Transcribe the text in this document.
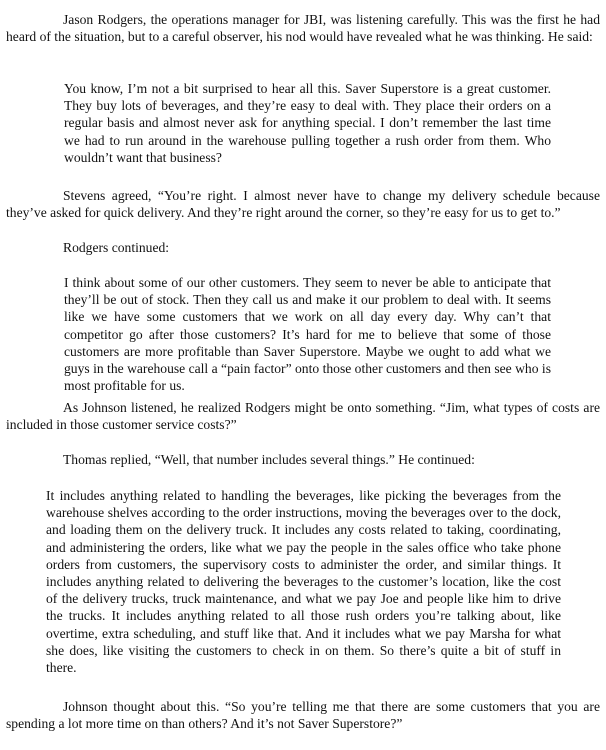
Jason Rodgers, the operations manager for JBI, was listening carefully. This was the first he had heard of the situation, but to a careful observer, his nod would have revealed what he was thinking. He said:

You know, I’m not a bit surprised to hear all this. Saver Superstore is a great customer. They buy lots of beverages, and they’re easy to deal with. They place their orders on a regular basis and almost never ask for anything special. I don’t remember the last time we had to run around in the warehouse pulling together a rush order from them. Who wouldn’t want that business?

Stevens agreed, “You’re right. I almost never have to change my delivery schedule because they’ve asked for quick delivery. And they’re right around the corner, so they’re easy for us to get to.”

Rodgers continued:

I think about some of our other customers. They seem to never be able to anticipate that they’ll be out of stock. Then they call us and make it our problem to deal with. It seems like we have some customers that we work on all day every day. Why can’t that competitor go after those customers? It’s hard for me to believe that some of those customers are more profitable than Saver Superstore. Maybe we ought to add what we guys in the warehouse call a “pain factor” onto those other customers and then see who is most profitable for us.

As Johnson listened, he realized Rodgers might be onto something. “Jim, what types of costs are included in those customer service costs?”

Thomas replied, “Well, that number includes several things.” He continued:

It includes anything related to handling the beverages, like picking the beverages from the warehouse shelves according to the order instructions, moving the beverages over to the dock, and loading them on the delivery truck. It includes any costs related to taking, coordinating, and administering the orders, like what we pay the people in the sales office who take phone orders from customers, the supervisory costs to administer the order, and similar things. It includes anything related to delivering the beverages to the customer’s location, like the cost of the delivery trucks, truck maintenance, and what we pay Joe and people like him to drive the trucks. It includes anything related to all those rush orders you’re talking about, like overtime, extra scheduling, and stuff like that. And it includes what we pay Marsha for what she does, like visiting the customers to check in on them. So there’s quite a bit of stuff in there.

Johnson thought about this. “So you’re telling me that there are some customers that you are spending a lot more time on than others? And it’s not Saver Superstore?”
